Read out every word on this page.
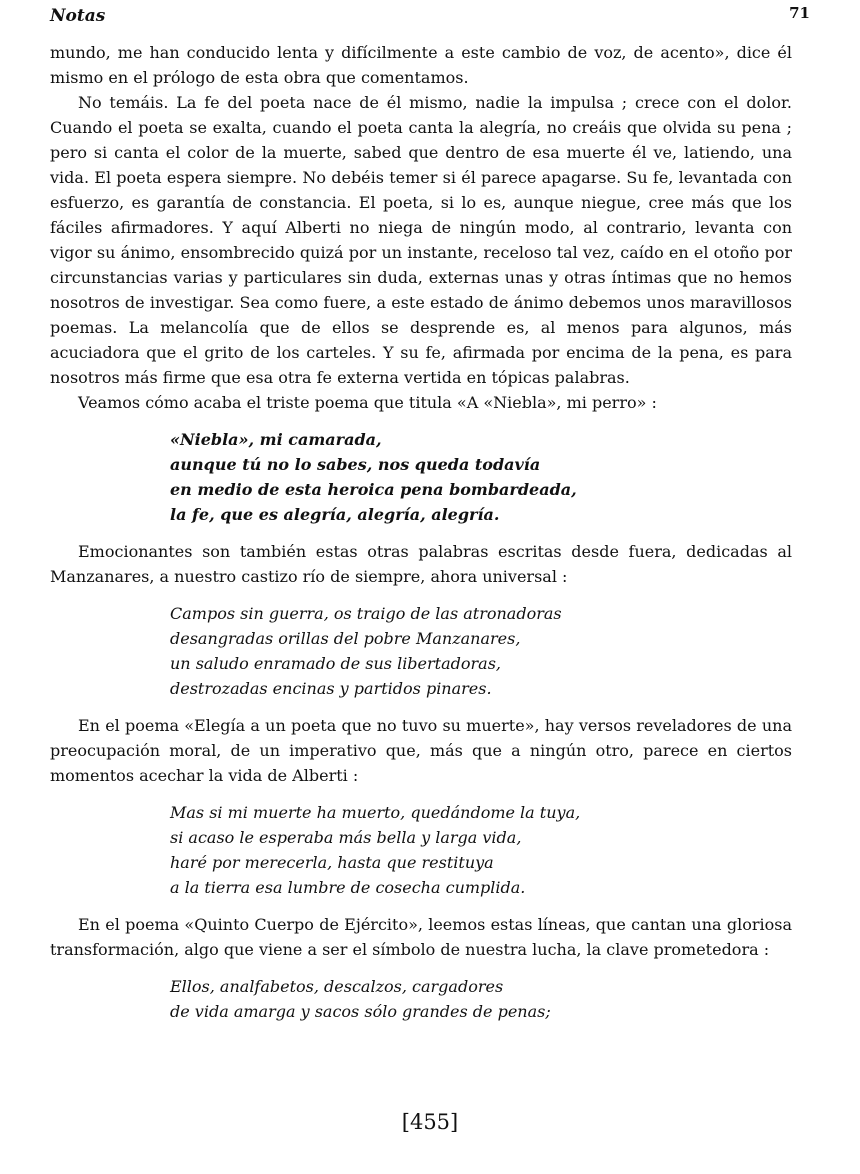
Notas	71

mundo, me han conducido lenta y difícilmente a este cambio de voz, de acento», dice él mismo en el prólogo de esta obra que comentamos.

No temáis. La fe del poeta nace de él mismo, nadie la impulsa ; crece con el dolor. Cuando el poeta se exalta, cuando el poeta canta la alegría, no creáis que olvida su pena ; pero si canta el color de la muerte, sabed que dentro de esa muerte él ve, latiendo, una vida. El poeta espera siempre. No debéis temer si él parece apagarse. Su fe, levantada con esfuerzo, es garantía de constancia. El poeta, si lo es, aunque niegue, cree más que los fáciles afirmadores. Y aquí Alberti no niega de ningún modo, al contrario, levanta con vigor su ánimo, ensombrecido quizá por un instante, receloso tal vez, caído en el otoño por circunstancias varias y particulares sin duda, externas unas y otras íntimas que no hemos nosotros de investigar. Sea como fuere, a este estado de ánimo debemos unos maravillosos poemas. La melancolía que de ellos se desprende es, al menos para algunos, más acuciadora que el grito de los carteles. Y su fe, afirmada por encima de la pena, es para nosotros más firme que esa otra fe externa vertida en tópicas palabras.

Veamos cómo acaba el triste poema que titula «A «Niebla», mi perro» :

«Niebla», mi camarada,
aunque tú no lo sabes, nos queda todavía
en medio de esta heroica pena bombardeada,
la fe, que es alegría, alegría, alegría.

Emocionantes son también estas otras palabras escritas desde fuera, dedicadas al Manzanares, a nuestro castizo río de siempre, ahora universal :

Campos sin guerra, os traigo de las atronadoras
desangradas orillas del pobre Manzanares,
un saludo enramado de sus libertadoras,
destrozadas encinas y partidos pinares.

En el poema «Elegía a un poeta que no tuvo su muerte», hay versos reveladores de una preocupación moral, de un imperativo que, más que a ningún otro, parece en ciertos momentos acechar la vida de Alberti :

Mas si mi muerte ha muerto, quedándome la tuya,
si acaso le esperaba más bella y larga vida,
haré por merecerla, hasta que restituya
a la tierra esa lumbre de cosecha cumplida.

En el poema «Quinto Cuerpo de Ejército», leemos estas líneas, que cantan una gloriosa transformación, algo que viene a ser el símbolo de nuestra lucha, la clave prometedora :

Ellos, analfabetos, descalzos, cargadores
de vida amarga y sacos sólo grandes de penas;
[455]
